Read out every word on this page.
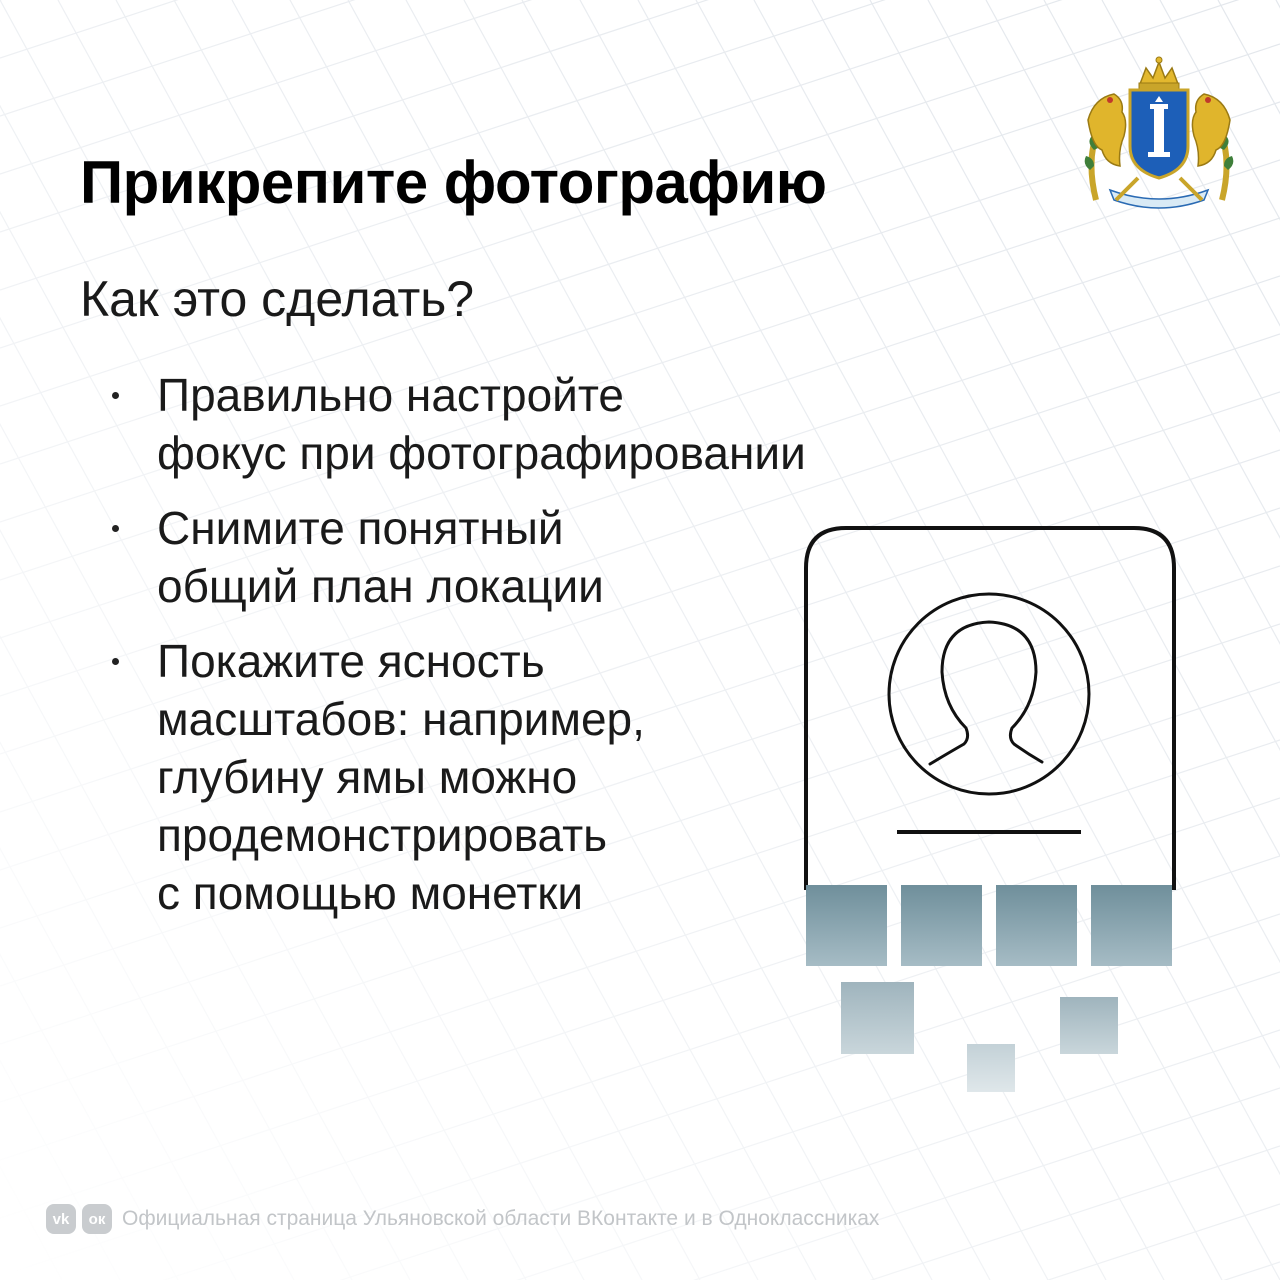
Прикрепите фотографию
Как это сделать?
Правильно настройте
фокус при фотографировании
Снимите понятный
общий план локации
Покажите ясность
масштабов: например,
глубину ямы можно
продемонстрировать
с помощью монетки
vk ок Официальная страница Ульяновской области ВКонтакте и в Одноклассниках
